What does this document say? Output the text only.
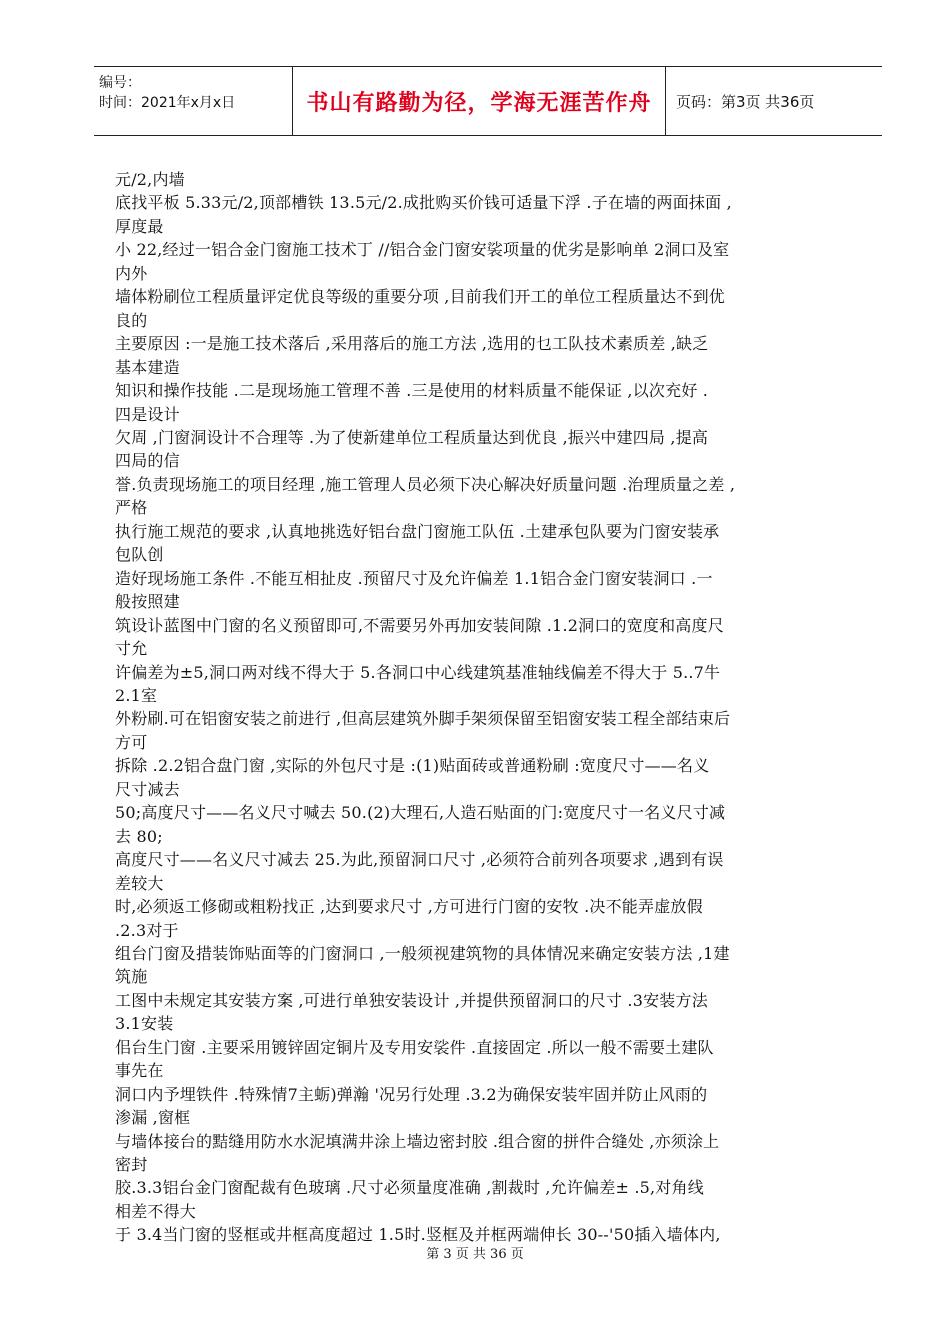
编号：
时间：2021年x月x日	书山有路勤为径，学海无涯苦作舟	页码：第3页 共36页
元/2,内墙
底找平板 5.33元/2,顶部槽铁 13.5元/2.成批购买价钱可适量下浮 .子在墙的两面抹面 ,
厚度最
小 22,经过一铝合金门窗施工技术丁 //铝合金门窗安裟项量的优劣是影响单 2洞口及室
内外
墙体粉刷位工程质量评定优良等级的重要分项 ,目前我们开工的单位工程质量达不到优
良的
主要原因 :一是施工技术落后 ,采用落后的施工方法 ,选用的乜工队技术素质差 ,缺乏
基本建造
知识和操作技能 .二是现场施工管理不善 .三是使用的材料质量不能保证 ,以次充好 .
四是设计
欠周 ,门窗洞设计不合理等 .为了使新建单位工程质量达到优良 ,振兴中建四局 ,提高
四局的信
誉.负责现场施工的项目经理 ,施工管理人员必须下决心解决好质量问题 .治理质量之差 ,
严格
执行施工规范的要求 ,认真地挑选好铝台盘门窗施工队伍 .土建承包队要为门窗安装承
包队创
造好现场施工条件 .不能互相扯皮 .预留尺寸及允许偏差 1.1铝合金门窗安装洞口 .一
般按照建
筑设讣蓝图中门窗的名义预留即可,不需要另外再加安装间隙 .1.2洞口的宽度和高度尺
寸允
许偏差为±5,洞口两对线不得大于 5.各洞口中心线建筑基准轴线偏差不得大于 5..7牛
2.1室
外粉刷.可在铝窗安装之前进行 ,但高层建筑外脚手架须保留至铝窗安装工程全部结束后
方可
拆除 .2.2铝合盘门窗 ,实际的外包尺寸是 :(1)贴面砖或普通粉刷 :宽度尺寸——名义
尺寸减去
50;高度尺寸——名义尺寸喊去 50.(2)大理石,人造石贴面的门:宽度尺寸一名义尺寸减
去 80;
高度尺寸——名义尺寸减去 25.为此,预留洞口尺寸 ,必须符合前列各项要求 ,遇到有误
差较大
时,必须返工修砌或粗粉找正 ,达到要求尺寸 ,方可进行门窗的安牧 .决不能弄虚放假
.2.3对于
组台门窗及措装饰贴面等的门窗洞口 ,一般须视建筑物的具体情况来确定安装方法 ,1建
筑施
工图中未规定其安装方案 ,可进行单独安装设计 ,并提供预留洞口的尺寸 .3安装方法
3.1安装
佀台生门窗 .主要采用镀锌固定铜片及专用安裟件 .直接固定 .所以一般不需要土建队
事先在
洞口内予埋铁件 .特殊情7主蛎)弹瀚 '况另行处理 .3.2为确保安装牢固并防止风雨的
渗漏 ,窗框
与墙体接台的黠缝用防水水泥填满井涂上墙边密封胶 .组合窗的拼件合缝处 ,亦须涂上
密封
胶.3.3铝台金门窗配裁有色玻璃 .尺寸必须量度准确 ,割裁时 ,允许偏差± .5,对角线
相差不得大
于 3.4当门窗的竖框或井框高度超过 1.5时.竖框及并框两端伸长 30--'50插入墙体内,
第 3 页 共 36 页
